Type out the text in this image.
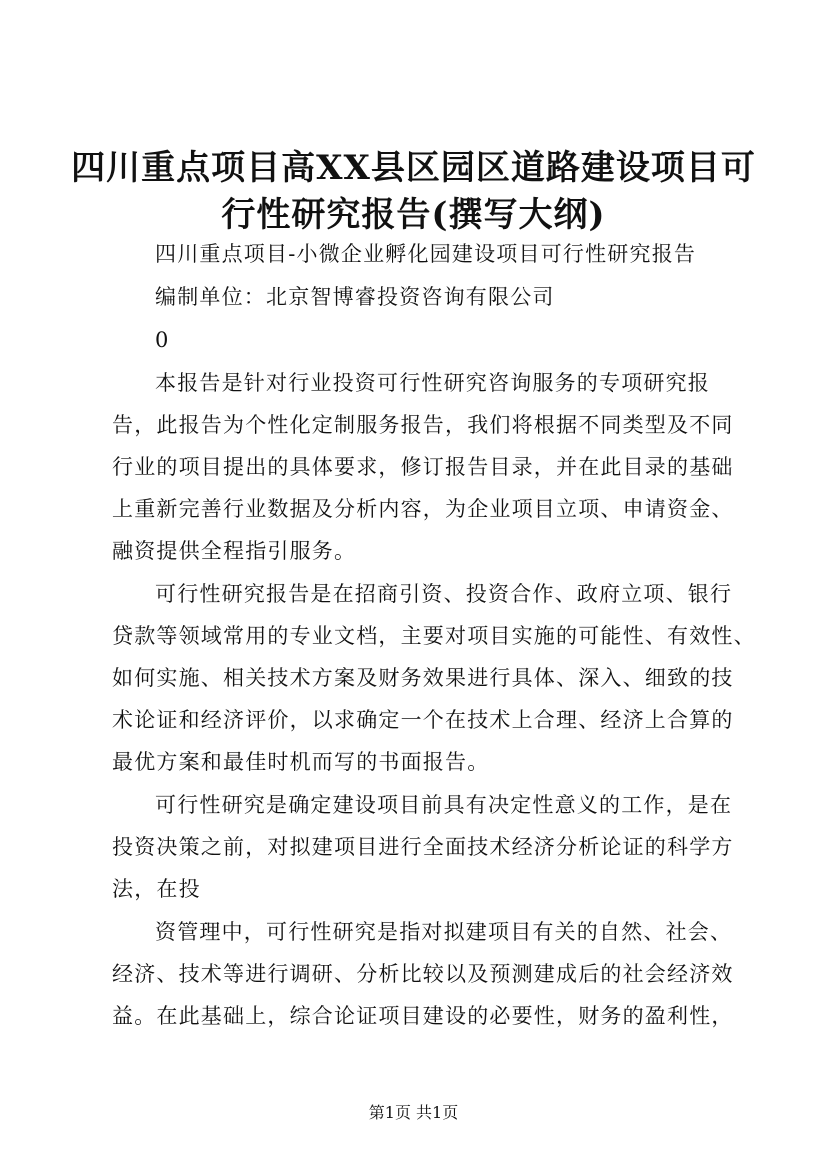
四川重点项目高XX县区园区道路建设项目可
行性研究报告(撰写大纲)
四川重点项目-小微企业孵化园建设项目可行性研究报告
编制单位：北京智博睿投资咨询有限公司
0
本报告是针对行业投资可行性研究咨询服务的专项研究报
告，此报告为个性化定制服务报告，我们将根据不同类型及不同
行业的项目提出的具体要求，修订报告目录，并在此目录的基础
上重新完善行业数据及分析内容，为企业项目立项、申请资金、
融资提供全程指引服务。
可行性研究报告是在招商引资、投资合作、政府立项、银行
贷款等领域常用的专业文档，主要对项目实施的可能性、有效性、
如何实施、相关技术方案及财务效果进行具体、深入、细致的技
术论证和经济评价，以求确定一个在技术上合理、经济上合算的
最优方案和最佳时机而写的书面报告。
可行性研究是确定建设项目前具有决定性意义的工作，是在
投资决策之前，对拟建项目进行全面技术经济分析论证的科学方
法，在投
资管理中，可行性研究是指对拟建项目有关的自然、社会、
经济、技术等进行调研、分析比较以及预测建成后的社会经济效
益。在此基础上，综合论证项目建设的必要性，财务的盈利性，
第1页 共1页
